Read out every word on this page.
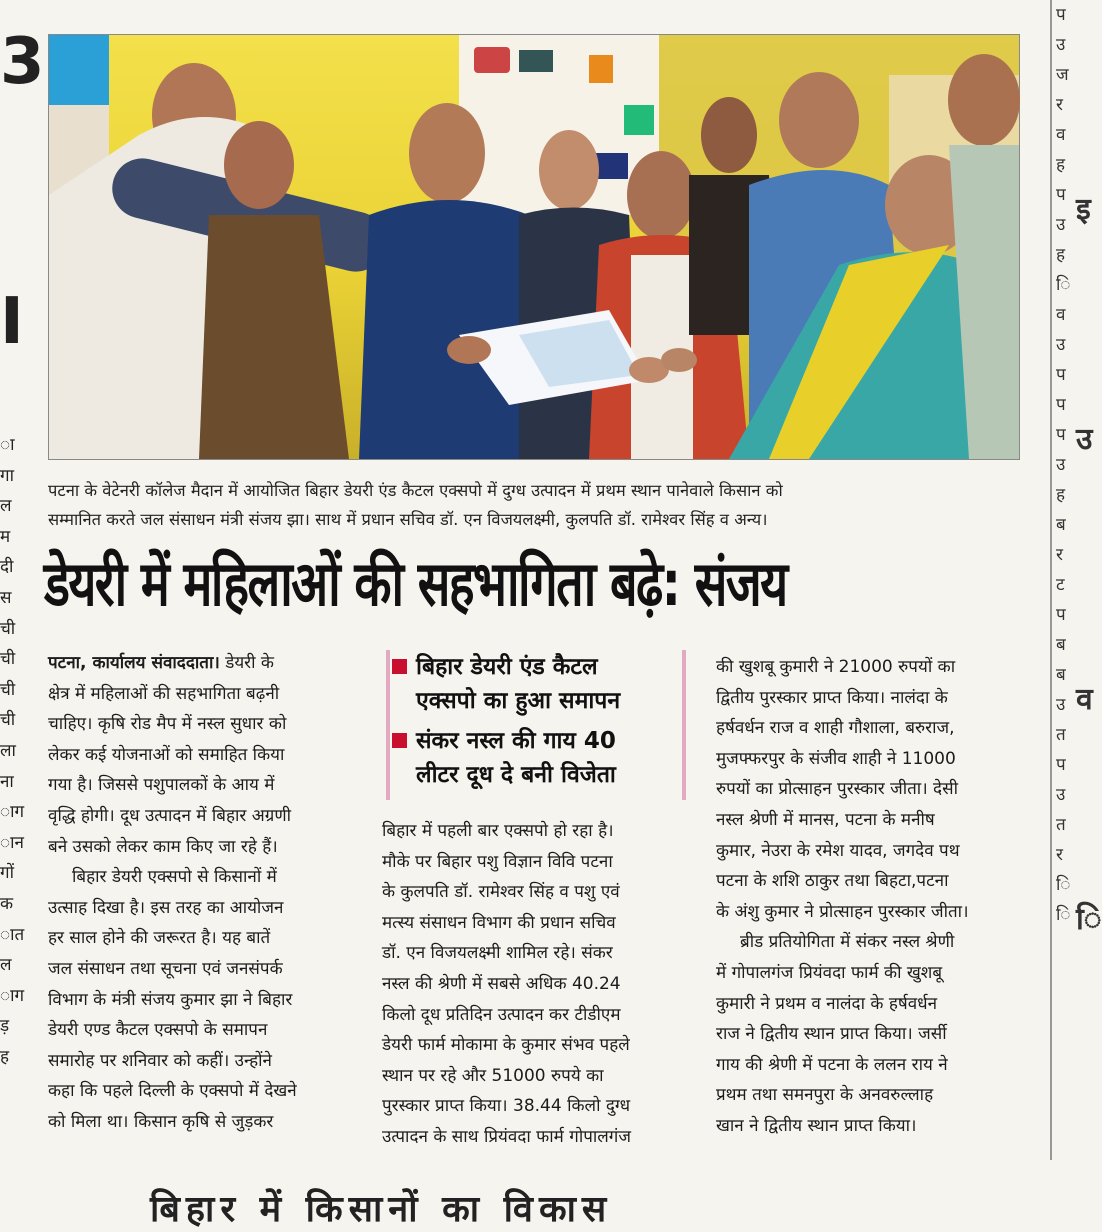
3
I
ा
गा
ल
म
दी
स
ची
ची
ची
ची
ला
ना
ाग
ान
गों
क
ात
ल
ाग
ड़
ह
प
उ
ज
र
व
ह
प
उ
ह
ि
व
उ
प
प
प
उ
ह
ब
र
ट
प
ब
ब
उ
त
प
उ
त
र
ि
ि
इ
उ
व
ि
पटना के वेटेनरी कॉलेज मैदान में आयोजित बिहार डेयरी एंड कैटल एक्सपो में दुग्ध उत्पादन में प्रथम स्थान पानेवाले किसान को
सम्मानित करते जल संसाधन मंत्री संजय झा। साथ में प्रधान सचिव डॉ. एन विजयलक्ष्मी, कुलपति डॉ. रामेश्वर सिंह व अन्य।
डेयरी में महिलाओं की सहभागिता बढ़े: संजय
पटना, कार्यालय संवाददाता। डेयरी के
क्षेत्र में महिलाओं की सहभागिता बढ़नी
चाहिए। कृषि रोड मैप में नस्ल सुधार को
लेकर कई योजनाओं को समाहित किया
गया है। जिससे पशुपालकों के आय में
वृद्धि होगी। दूध उत्पादन में बिहार अग्रणी
बने उसको लेकर काम किए जा रहे हैं।
बिहार डेयरी एक्सपो से किसानों में
उत्साह दिखा है। इस तरह का आयोजन
हर साल होने की जरूरत है। यह बातें
जल संसाधन तथा सूचना एवं जनसंपर्क
विभाग के मंत्री संजय कुमार झा ने बिहार
डेयरी एण्ड कैटल एक्सपो के समापन
समारोह पर शनिवार को कहीं। उन्होंने
कहा कि पहले दिल्ली के एक्सपो में देखने
को मिला था। किसान कृषि से जुड़कर
बिहार डेयरी एंड कैटल
एक्सपो का हुआ समापन
संकर नस्ल की गाय 40
लीटर दूध दे बनी विजेता
बिहार में पहली बार एक्सपो हो रहा है।
मौके पर बिहार पशु विज्ञान विवि पटना
के कुलपति डॉ. रामेश्वर सिंह व पशु एवं
मत्स्य संसाधन विभाग की प्रधान सचिव
डॉ. एन विजयलक्ष्मी शामिल रहे। संकर
नस्ल की श्रेणी में सबसे अधिक 40.24
किलो दूध प्रतिदिन उत्पादन कर टीडीएम
डेयरी फार्म मोकामा के कुमार संभव पहले
स्थान पर रहे और 51000 रुपये का
पुरस्कार प्राप्त किया। 38.44 किलो दुग्ध
उत्पादन के साथ प्रियंवदा फार्म गोपालगंज
की खुशबू कुमारी ने 21000 रुपयों का
द्वितीय पुरस्कार प्राप्त किया। नालंदा के
हर्षवर्धन राज व शाही गौशाला, बरुराज,
मुजफ्फरपुर के संजीव शाही ने 11000
रुपयों का प्रोत्साहन पुरस्कार जीता। देसी
नस्ल श्रेणी में मानस, पटना के मनीष
कुमार, नेउरा के रमेश यादव, जगदेव पथ
पटना के शशि ठाकुर तथा बिहटा,पटना
के अंशु कुमार ने प्रोत्साहन पुरस्कार जीता।
ब्रीड प्रतियोगिता में संकर नस्ल श्रेणी
में गोपालगंज प्रियंवदा फार्म की खुशबू
कुमारी ने प्रथम व नालंदा के हर्षवर्धन
राज ने द्वितीय स्थान प्राप्त किया। जर्सी
गाय की श्रेणी में पटना के ललन राय ने
प्रथम तथा समनपुरा के अनवरुल्लाह
खान ने द्वितीय स्थान प्राप्त किया।
बिहार में किसानों का विकास
